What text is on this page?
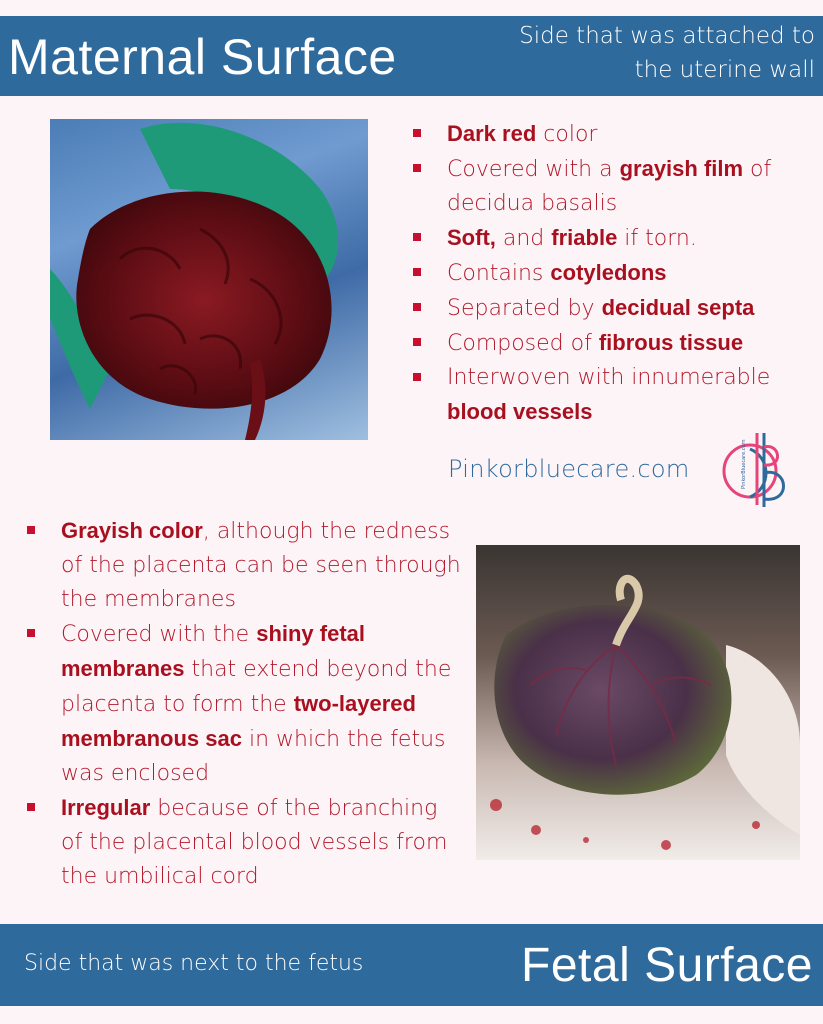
Maternal Surface	Side that was attached to
the uterine wall
Dark red color
Covered with a grayish film of decidua basalis
Soft, and friable if torn.
Contains cotyledons
Separated by decidual septa
Composed of fibrous tissue
Interwoven with innumerable blood vessels
Pinkorbluecare.com	PinkorBluecare.com
Grayish color, although the redness of the placenta can be seen through the membranes
Covered with the shiny fetal membranes that extend beyond the placenta to form the two-layered membranous sac in which the fetus was enclosed
Irregular because of the branching of the placental blood vessels from the umbilical cord
Side that was next to the fetus	Fetal Surface
